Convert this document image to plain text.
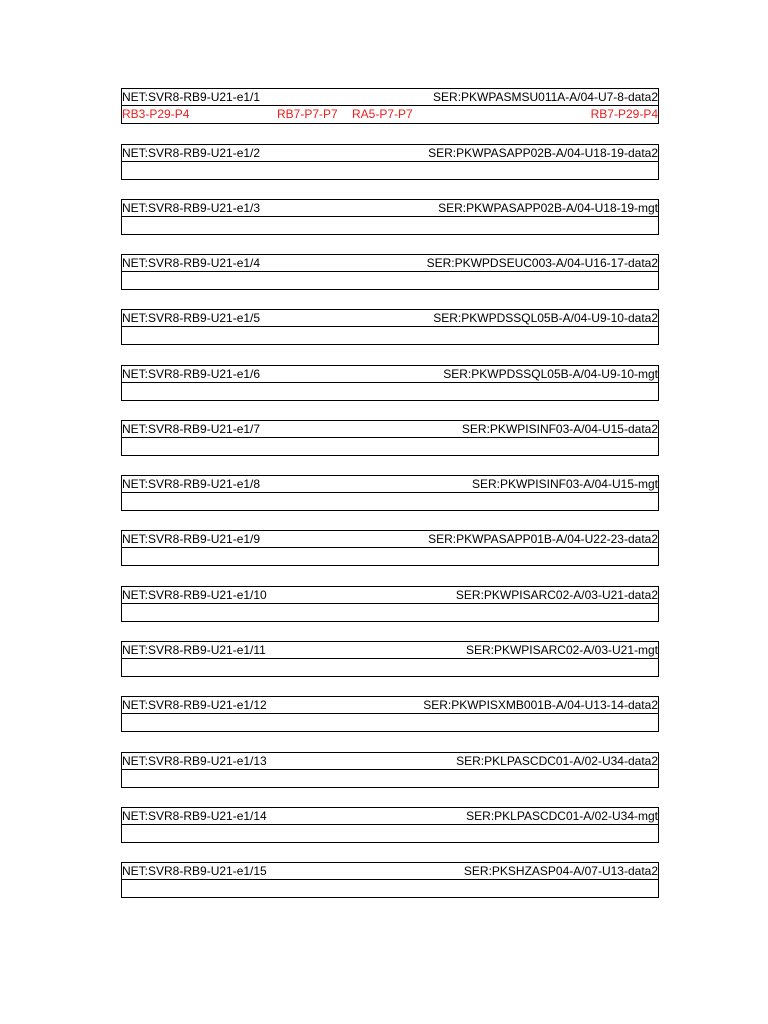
NET:SVR8-RB9-U21-e1/1	SER:PKWPASMSU011A-A/04-U7-8-data2
RB3-P29-P4	RB7-P7-P7 RA5-P7-P7	RB7-P29-P4
NET:SVR8-RB9-U21-e1/2	SER:PKWPASAPP02B-A/04-U18-19-data2
NET:SVR8-RB9-U21-e1/3	SER:PKWPASAPP02B-A/04-U18-19-mgt
NET:SVR8-RB9-U21-e1/4	SER:PKWPDSEUC003-A/04-U16-17-data2
NET:SVR8-RB9-U21-e1/5	SER:PKWPDSSQL05B-A/04-U9-10-data2
NET:SVR8-RB9-U21-e1/6	SER:PKWPDSSQL05B-A/04-U9-10-mgt
NET:SVR8-RB9-U21-e1/7	SER:PKWPISINF03-A/04-U15-data2
NET:SVR8-RB9-U21-e1/8	SER:PKWPISINF03-A/04-U15-mgt
NET:SVR8-RB9-U21-e1/9	SER:PKWPASAPP01B-A/04-U22-23-data2
NET:SVR8-RB9-U21-e1/10	SER:PKWPISARC02-A/03-U21-data2
NET:SVR8-RB9-U21-e1/11	SER:PKWPISARC02-A/03-U21-mgt
NET:SVR8-RB9-U21-e1/12	SER:PKWPISXMB001B-A/04-U13-14-data2
NET:SVR8-RB9-U21-e1/13	SER:PKLPASCDC01-A/02-U34-data2
NET:SVR8-RB9-U21-e1/14	SER:PKLPASCDC01-A/02-U34-mgt
NET:SVR8-RB9-U21-e1/15	SER:PKSHZASP04-A/07-U13-data2
